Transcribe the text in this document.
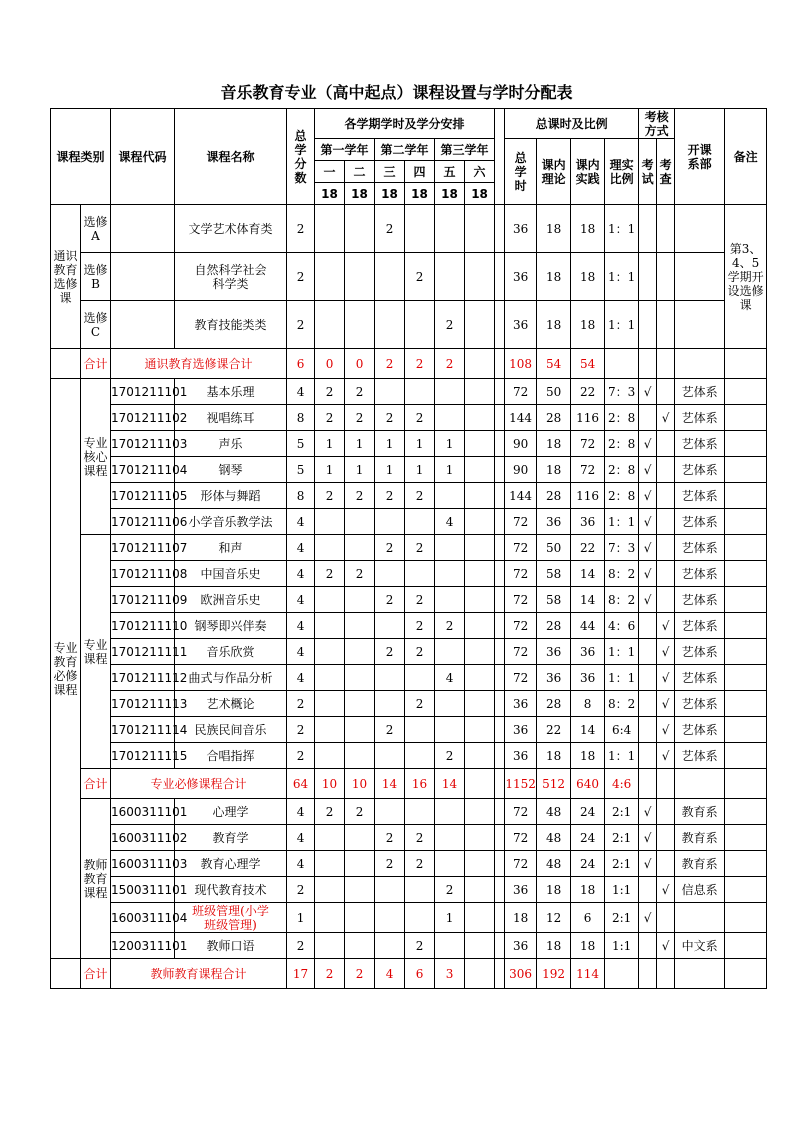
音乐教育专业（高中起点）课程设置与学时分配表
课程类别		课程代码	课程名称	总学分数	各学期学时及学分安排							总课时及比例				考核方式		开课系部	备注
					第一学年		第二学年		第三学年			总学时	课内理论	课内实践	理实比例	考试	考查		

					一	二	三	四	五	六									
					18	18	18	18	18	18									

通识教育选修课	选修A		文学艺术体育类	2			2					36	18	18	1：1				第3、4、5学期开设选修课

	选修B		自然科学社会科学类	2				2				36	18	18	1：1				

	选修C		教育技能类类	2					2			36	18	18	1：1				
	合计	通识教育选修课合计		6	0	0	2	2	2			108	54	54					

专业教育必修课程	专业核心课程	1701211101	基本乐理	4	2	2						72	50	22	7：3	√		艺体系	
		1701211102	视唱练耳	8	2	2	2	2				144	28	116	2：8		√	艺体系	
		1701211103	声乐	5	1	1	1	1	1			90	18	72	2：8	√		艺体系	
		1701211104	钢琴	5	1	1	1	1	1			90	18	72	2：8	√		艺体系	
		1701211105	形体与舞蹈	8	2	2	2	2				144	28	116	2：8	√		艺体系	
		1701211106	小学音乐教学法	4					4			72	36	36	1：1	√		艺体系	

	专业课程	1701211107	和声	4			2	2				72	50	22	7：3	√		艺体系	
		1701211108	中国音乐史	4	2	2						72	58	14	8：2	√		艺体系	
		1701211109	欧洲音乐史	4			2	2				72	58	14	8：2	√		艺体系	
		1701211110	钢琴即兴伴奏	4				2	2			72	28	44	4：6		√	艺体系	
		1701211111	音乐欣赏	4			2	2				72	36	36	1：1		√	艺体系	
		1701211112	曲式与作品分析	4					4			72	36	36	1：1		√	艺体系	
		1701211113	艺术概论	2				2				36	28	8	8：2		√	艺体系	
		1701211114	民族民间音乐	2			2					36	22	14	6:4		√	艺体系	
		1701211115	合唱指挥	2					2			36	18	18	1：1		√	艺体系	
	合计	专业必修课程合计		64	10	10	14	16	14			1152	512	640	4:6				

	教师教育课程	1600311101	心理学	4	2	2						72	48	24	2:1	√		教育系	
		1600311102	教育学	4			2	2				72	48	24	2:1	√		教育系	
		1600311103	教育心理学	4			2	2				72	48	24	2:1	√		教育系	
		1500311101	现代教育技术	2					2			36	18	18	1:1		√	信息系	
		1600311104	班级管理(小学班级管理)	1					1			18	12	6	2:1	√			
		1200311101	教师口语	2				2				36	18	18	1:1		√	中文系	
	合计	教师教育课程合计		17	2	2	4	6	3			306	192	114					
